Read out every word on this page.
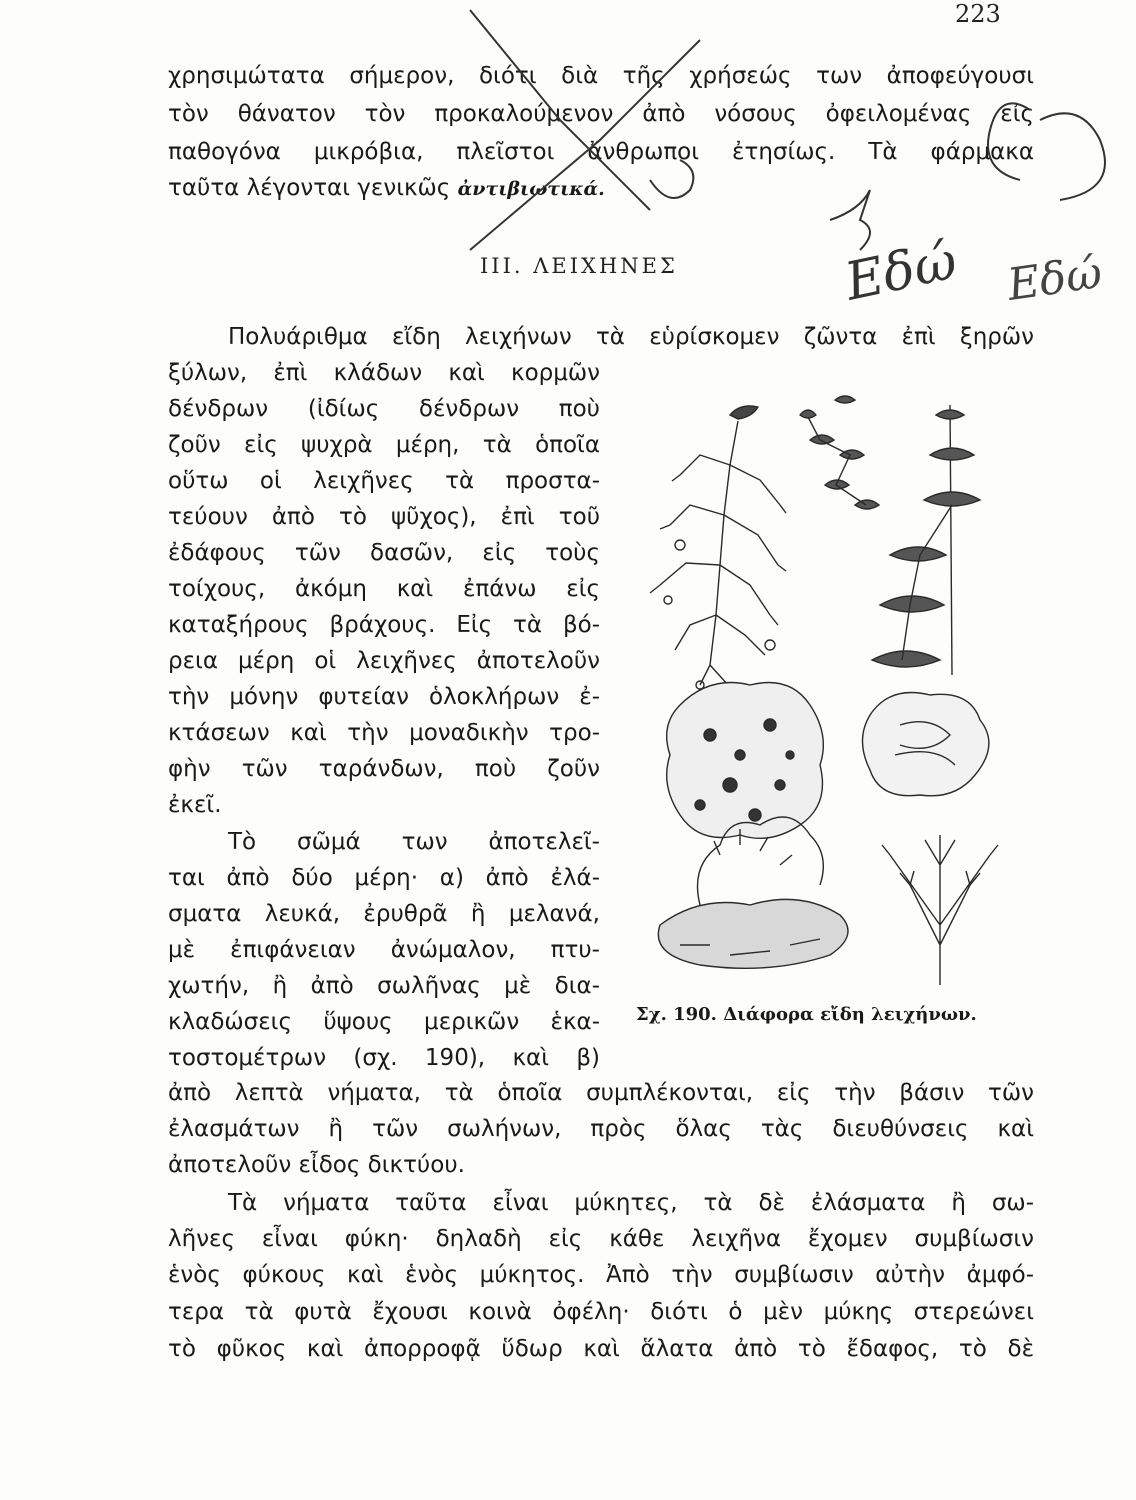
223
χρησιμώτατα σήμερον, διότι διὰ τῆς χρήσεώς των ἀποφεύγουσι
τὸν θάνατον τὸν προκαλούμενον ἀπὸ νόσους ὀφειλομένας εἰς
παθογόνα μικρόβια, πλεῖστοι ἄνθρωποι ἐτησίως. Τὰ φάρμακα
ταῦτα λέγονται γενικῶς ἀντιβιωτικά.
III. ΛΕΙΧΗΝΕΣ
Πολυάριθμα εἴδη λειχήνων τὰ εὑρίσκομεν ζῶντα ἐπὶ ξηρῶν
ξύλων, ἐπὶ κλάδων καὶ κορμῶν
δένδρων (ἰδίως δένδρων ποὺ
ζοῦν εἰς ψυχρὰ μέρη, τὰ ὁποῖα
οὕτω οἱ λειχῆνες τὰ προστα-
τεύουν ἀπὸ τὸ ψῦχος), ἐπὶ τοῦ
ἐδάφους τῶν δασῶν, εἰς τοὺς
τοίχους, ἀκόμη καὶ ἐπάνω εἰς
καταξήρους βράχους. Εἰς τὰ βό-
ρεια μέρη οἱ λειχῆνες ἀποτελοῦν
τὴν μόνην φυτείαν ὁλοκλήρων ἐ-
κτάσεων καὶ τὴν μοναδικὴν τρο-
φὴν τῶν ταράνδων, ποὺ ζοῦν
ἐκεῖ.
Τὸ σῶμά των ἀποτελεῖ-
ται ἀπὸ δύο μέρη· α) ἀπὸ ἐλά-
σματα λευκά, ἐρυθρᾶ ἢ μελανά,
μὲ ἐπιφάνειαν ἀνώμαλον, πτυ-
χωτήν, ἢ ἀπὸ σωλῆνας μὲ δια-
κλαδώσεις ὕψους μερικῶν ἑκα-
τοστομέτρων (σχ. 190), καὶ β)
ἀπὸ λεπτὰ νήματα, τὰ ὁποῖα συμπλέκονται, εἰς τὴν βάσιν τῶν
ἐλασμάτων ἢ τῶν σωλήνων, πρὸς ὅλας τὰς διευθύνσεις καὶ
ἀποτελοῦν εἶδος δικτύου.
Τὰ νήματα ταῦτα εἶναι μύκητες, τὰ δὲ ἐλάσματα ἢ σω-
λῆνες εἶναι φύκη· δηλαδὴ εἰς κάθε λειχῆνα ἔχομεν συμβίωσιν
ἑνὸς φύκους καὶ ἑνὸς μύκητος. Ἀπὸ τὴν συμβίωσιν αὐτὴν ἀμφό-
τερα τὰ φυτὰ ἔχουσι κοινὰ ὀφέλη· διότι ὁ μὲν μύκης στερεώνει
τὸ φῦκος καὶ ἀπορροφᾷ ὕδωρ καὶ ἅλατα ἀπὸ τὸ ἔδαφος, τὸ δὲ
Σχ. 190. Διάφορα εἴδη λειχήνων.
Εδώ Εδώ
